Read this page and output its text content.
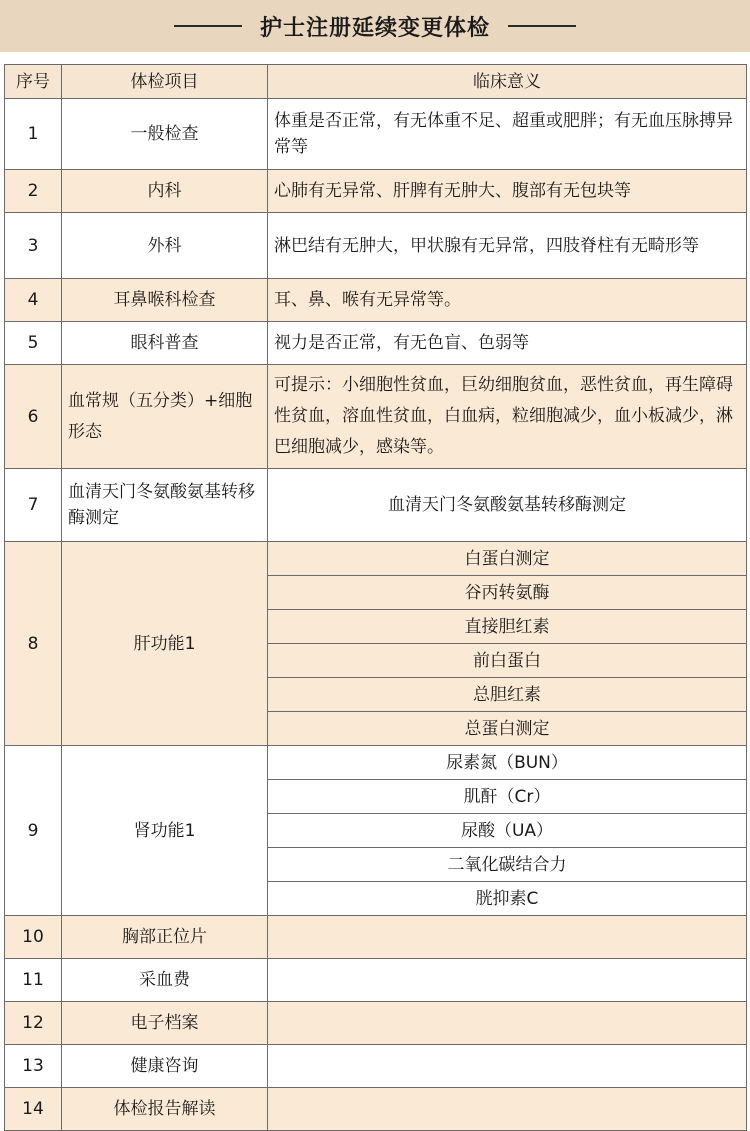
护士注册延续变更体检
序号	体检项目	临床意义
1	一般检查	体重是否正常，有无体重不足、超重或肥胖；有无血压脉搏异常等
2	内科	心肺有无异常、肝脾有无肿大、腹部有无包块等
3	外科	淋巴结有无肿大，甲状腺有无异常，四肢脊柱有无畸形等
4	耳鼻喉科检查	耳、鼻、喉有无异常等。
5	眼科普查	视力是否正常，有无色盲、色弱等
6	血常规（五分类）+细胞形态	可提示：小细胞性贫血，巨幼细胞贫血，恶性贫血，再生障碍性贫血，溶血性贫血，白血病，粒细胞减少，血小板减少，淋巴细胞减少，感染等。
7	血清天门冬氨酸氨基转移酶测定	血清天门冬氨酸氨基转移酶测定
8	肝功能1	白蛋白测定
		谷丙转氨酶
		直接胆红素
		前白蛋白
		总胆红素
		总蛋白测定
9	肾功能1	尿素氮（BUN）
		肌酐（Cr）
		尿酸（UA）
		二氧化碳结合力
		胱抑素C
10	胸部正位片	
11	采血费	
12	电子档案	
13	健康咨询	
14	体检报告解读	
